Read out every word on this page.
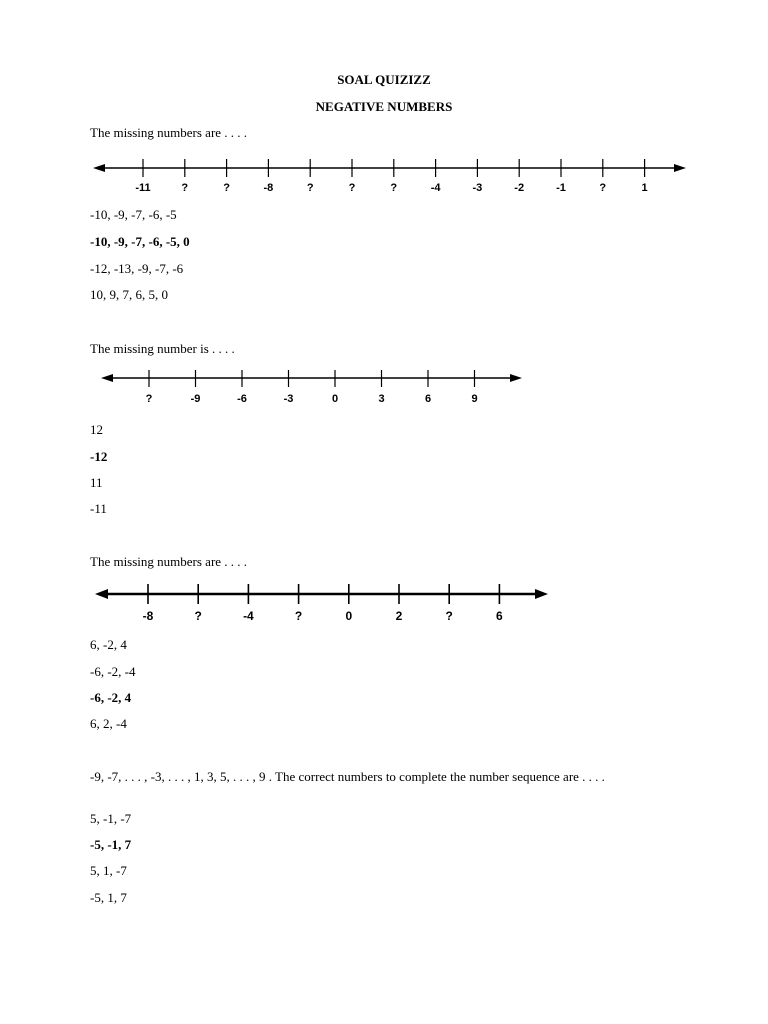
SOAL QUIZIZZ
NEGATIVE NUMBERS
The missing numbers are . . . .
-11	?	?	-8	?	?	?	-4	-3	-2	-1	?	1
-10, -9, -7, -6, -5
-10, -9, -7, -6, -5, 0
-12, -13, -9, -7, -6
10, 9, 7, 6, 5, 0
The missing number is . . . .
?	-9	-6	-3	0	3	6	9
12
-12
11
-11
The missing numbers are . . . .
-8	?	-4	?	0	2	?	6
6, -2, 4
-6, -2, -4
-6, -2, 4
6, 2, -4
-9, -7, . . . , -3, . . . , 1, 3, 5, . . . , 9 . The correct numbers to complete the number sequence are . . . .
5, -1, -7
-5, -1, 7
5, 1, -7
-5, 1, 7
